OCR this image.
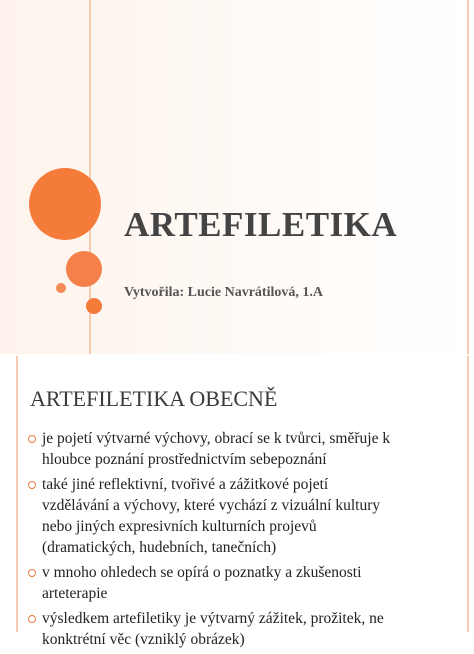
ARTEFILETIKA
Vytvořila: Lucie Navrátilová, 1.A
ARTEFILETIKA OBECNĚ
je pojetí výtvarné výchovy, obrací se k tvůrci, směřuje k
hloubce poznání prostřednictvím sebepoznání
také jiné reflektivní, tvořivé a zážitkové pojetí
vzdělávání a výchovy, které vychází z vizuální kultury
nebo jiných expresivních kulturních projevů
(dramatických, hudebních, tanečních)
v mnoho ohledech se opírá o poznatky a zkušenosti
arteterapie
výsledkem artefiletiky je výtvarný zážitek, prožitek, ne
konktrétní věc (vzniklý obrázek)
